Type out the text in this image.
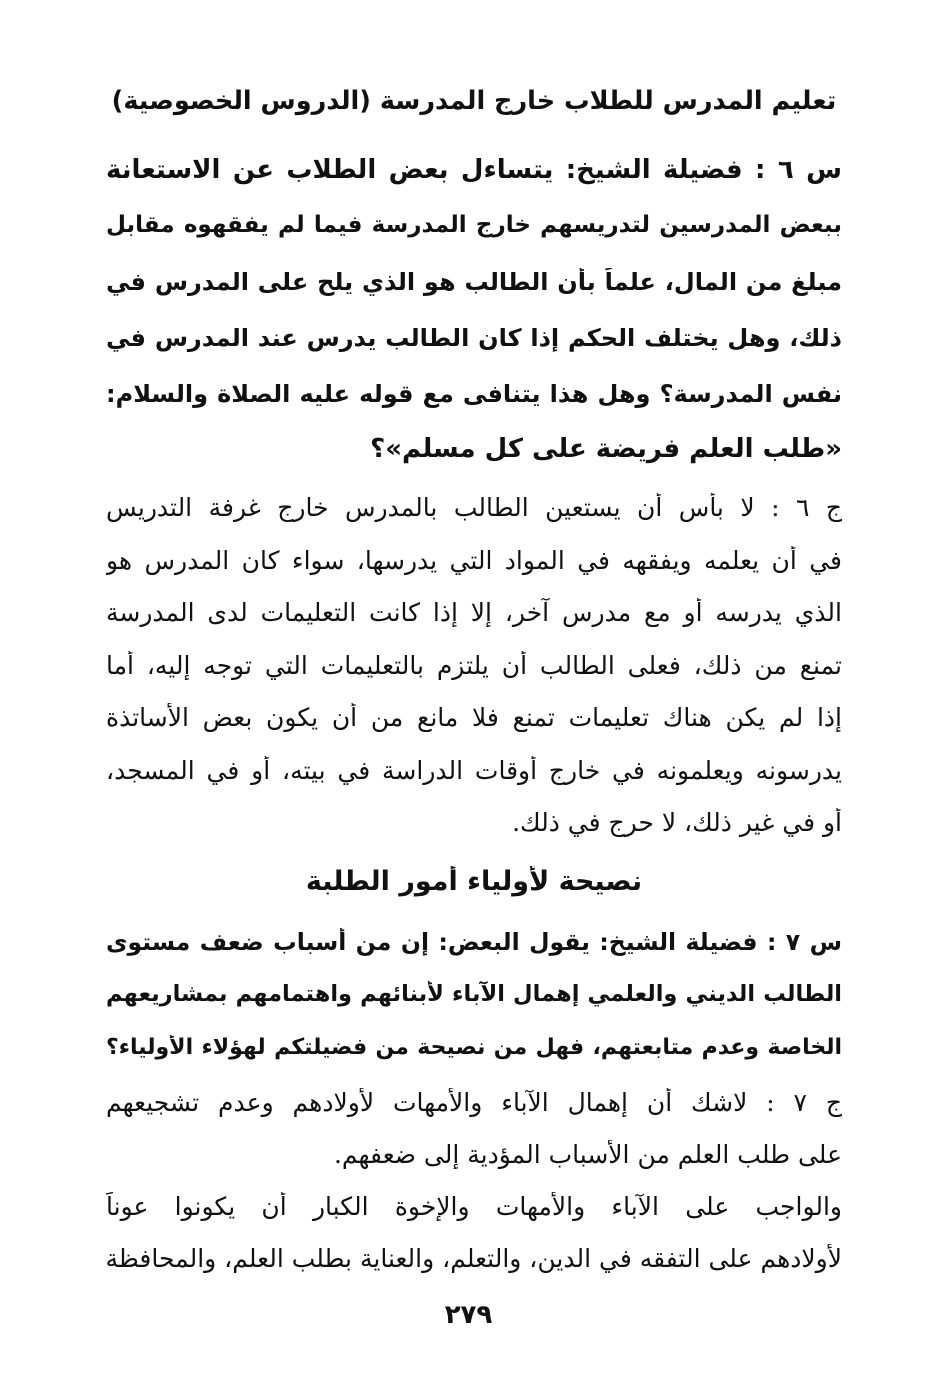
تعليم المدرس للطلاب خارج المدرسة (الدروس الخصوصية)
س ٦ : فضيلة الشيخ: يتساءل بعض الطلاب عن الاستعانة
ببعض المدرسين لتدريسهم خارج المدرسة فيما لم يفقهوه مقابل
مبلغ من المال، علماً بأن الطالب هو الذي يلح على المدرس في
ذلك، وهل يختلف الحكم إذا كان الطالب يدرس عند المدرس في
نفس المدرسة؟ وهل هذا يتنافى مع قوله عليه الصلاة والسلام:
«طلب العلم فريضة على كل مسلم»؟
ج ٦ : لا بأس أن يستعين الطالب بالمدرس خارج غرفة التدريس
في أن يعلمه ويفقهه في المواد التي يدرسها، سواء كان المدرس هو
الذي يدرسه أو مع مدرس آخر، إلا إذا كانت التعليمات لدى المدرسة
تمنع من ذلك، فعلى الطالب أن يلتزم بالتعليمات التي توجه إليه، أما
إذا لم يكن هناك تعليمات تمنع فلا مانع من أن يكون بعض الأساتذة
يدرسونه ويعلمونه في خارج أوقات الدراسة في بيته، أو في المسجد،
أو في غير ذلك، لا حرج في ذلك.
نصيحة لأولياء أمور الطلبة
س ٧ : فضيلة الشيخ: يقول البعض: إن من أسباب ضعف مستوى
الطالب الديني والعلمي إهمال الآباء لأبنائهم واهتمامهم بمشاريعهم
الخاصة وعدم متابعتهم، فهل من نصيحة من فضيلتكم لهؤلاء الأولياء؟
ج ٧ : لاشك أن إهمال الآباء والأمهات لأولادهم وعدم تشجيعهم
على طلب العلم من الأسباب المؤدية إلى ضعفهم.
والواجب على الآباء والأمهات والإخوة الكبار أن يكونوا عوناً
لأولادهم على التفقه في الدين، والتعلم، والعناية بطلب العلم، والمحافظة
٢٧٩
